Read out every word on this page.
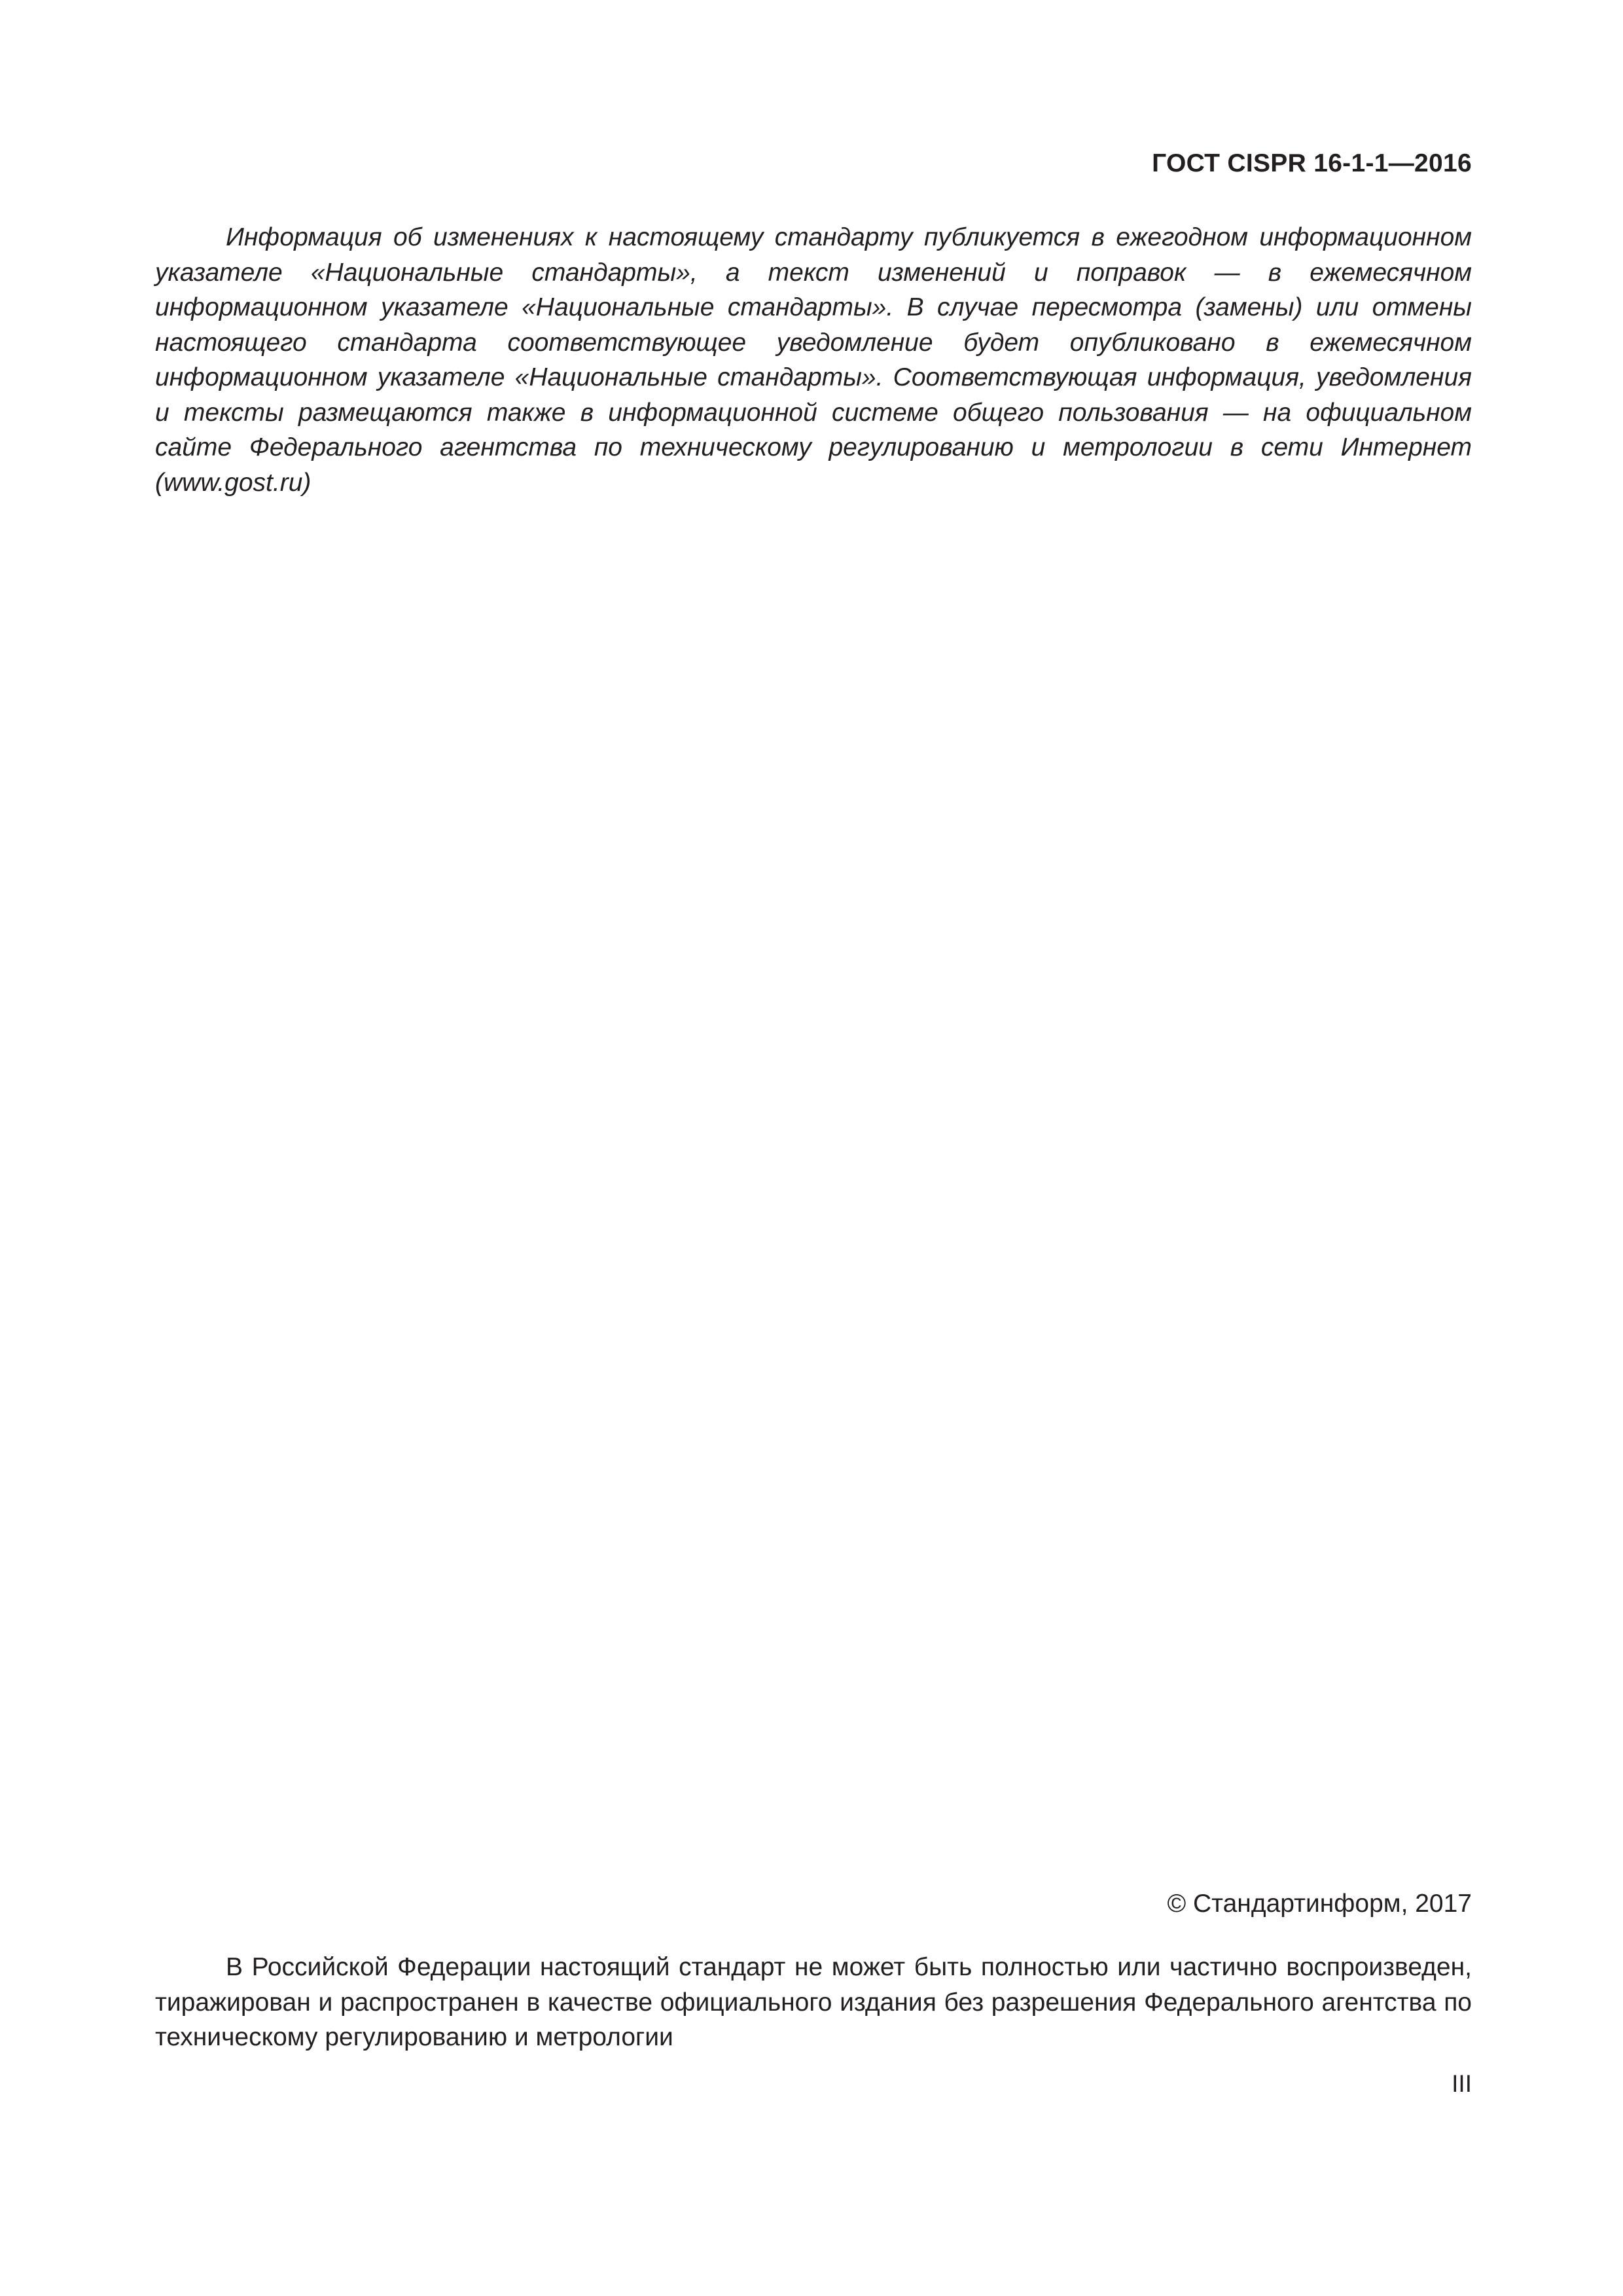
ГОСТ CISPR 16-1-1—2016

Информация об изменениях к настоящему стандарту публикуется в ежегодном информационном указателе «Национальные стандарты», а текст изменений и поправок — в ежемесячном информационном указателе «Национальные стандарты». В случае пересмотра (замены) или отмены настоящего стандарта соответствующее уведомление будет опубликовано в ежемесячном информационном указателе «Национальные стандарты». Соответствующая информация, уведомления и тексты размещаются также в информационной системе общего пользования — на официальном сайте Федерального агентства по техническому регулированию и метрологии в сети Интернет (www.gost.ru)

© Стандартинформ, 2017

В Российской Федерации настоящий стандарт не может быть полностью или частично воспроизведен, тиражирован и распространен в качестве официального издания без разрешения Федерального агентства по техническому регулированию и метрологии

III
